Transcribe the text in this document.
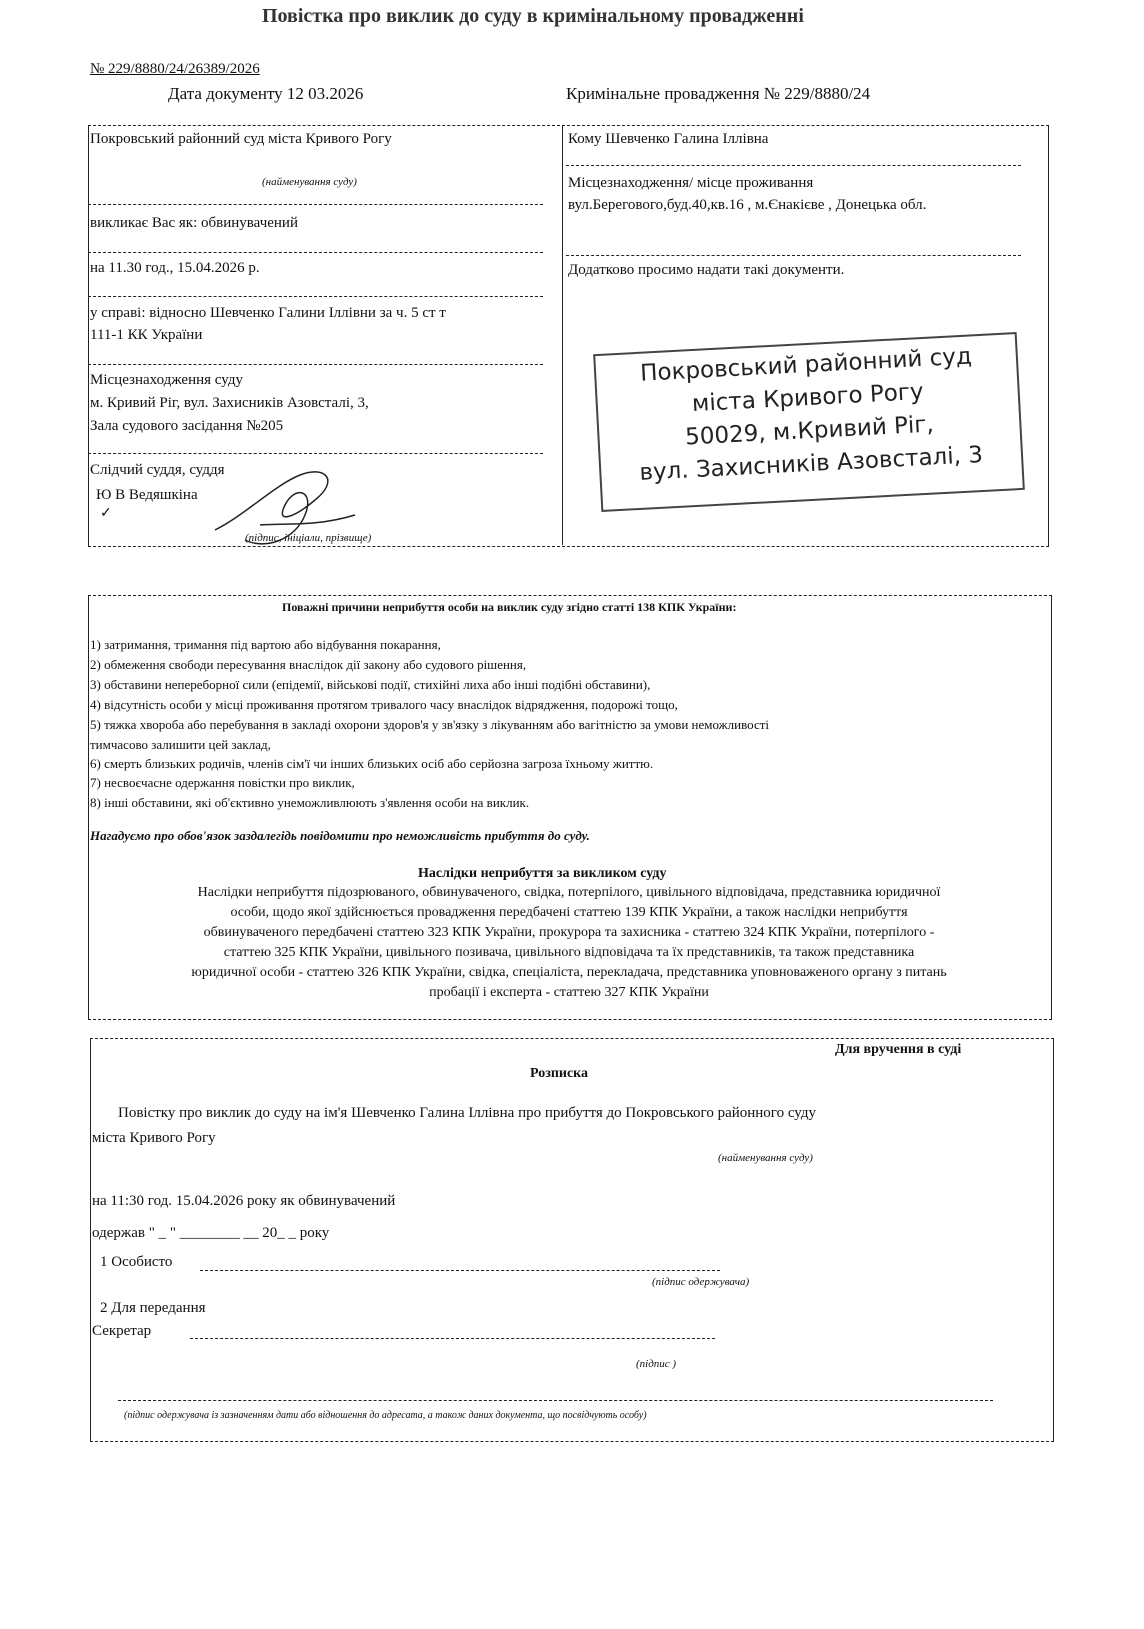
Повістка про виклик до суду в кримінальному провадженні
№ 229/8880/24/26389/2026
Дата документу 12 03.2026	Кримінальне провадження № 229/8880/24
Покровський районний суд міста Кривого Рогу
(найменування суду)
викликає Вас як: обвинувачений
на 11.30 год., 15.04.2026 р.
у справі: відносно Шевченко Галини Іллівни за ч. 5 ст т
111-1 КК України
Місцезнаходження суду
м. Кривий Ріг, вул. Захисників Азовсталі, 3,
Зала судового засідання №205
Слідчий суддя, суддя
Ю В Ведяшкіна
(підпис, ініціали, прізвище)
✓
Кому Шевченко Галина Іллівна
Місцезнаходження/ місце проживання
вул.Берегового,буд.40,кв.16 , м.Єнакієве , Донецька обл.
Додатково просимо надати такі документи.
Покровський районний суд
міста Кривого Рогу
50029, м.Кривий Ріг,
вул. Захисників Азовсталі, 3
Поважні причини неприбуття особи на виклик суду згідно статті 138 КПК України:
1) затримання, тримання під вартою або відбування покарання,
2) обмеження свободи пересування внаслідок дії закону або судового рішення,
3) обставини непереборної сили (епідемії, військові події, стихійні лиха або інші подібні обставини),
4) відсутність особи у місці проживання протягом тривалого часу внаслідок відрядження, подорожі тощо,
5) тяжка хвороба або перебування в закладі охорони здоров'я у зв'язку з лікуванням або вагітністю за умови неможливості
тимчасово залишити цей заклад,
6) смерть близьких родичів, членів сім'ї чи інших близьких осіб або серйозна загроза їхньому життю.
7) несвоєчасне одержання повістки про виклик,
8) інші обставини, які об'єктивно унеможливлюють з'явлення особи на виклик.
Нагадуємо про обов'язок заздалегідь повідомити про неможливість прибуття до суду.
Наслідки неприбуття за викликом суду
Наслідки неприбуття підозрюваного, обвинуваченого, свідка, потерпілого, цивільного відповідача, представника юридичної
особи, щодо якої здійснюється провадження передбачені статтею 139 КПК України, а також наслідки неприбуття
обвинуваченого передбачені статтею 323 КПК України, прокурора та захисника - статтею 324 КПК України, потерпілого -
статтею 325 КПК України, цивільного позивача, цивільного відповідача та їх представників, та також представника
юридичної особи - статтею 326 КПК України, свідка, спеціаліста, перекладача, представника уповноваженого органу з питань
пробації і експерта - статтею 327 КПК України
Для вручення в суді
Розписка
Повістку про виклик до суду на ім'я Шевченко Галина Іллівна про прибуття до Покровського районного суду
міста Кривого Рогу
(найменування суду)
на 11:30 год. 15.04.2026 року як обвинувачений
одержав " _ " ________ __ 20_ _ року
1 Особисто
(підпис одержувача)
2 Для передання
Секретар
(підпис )
(підпис одержувача із зазначенням дати або відношення до адресата, а також даних документа, що посвідчують особу)
